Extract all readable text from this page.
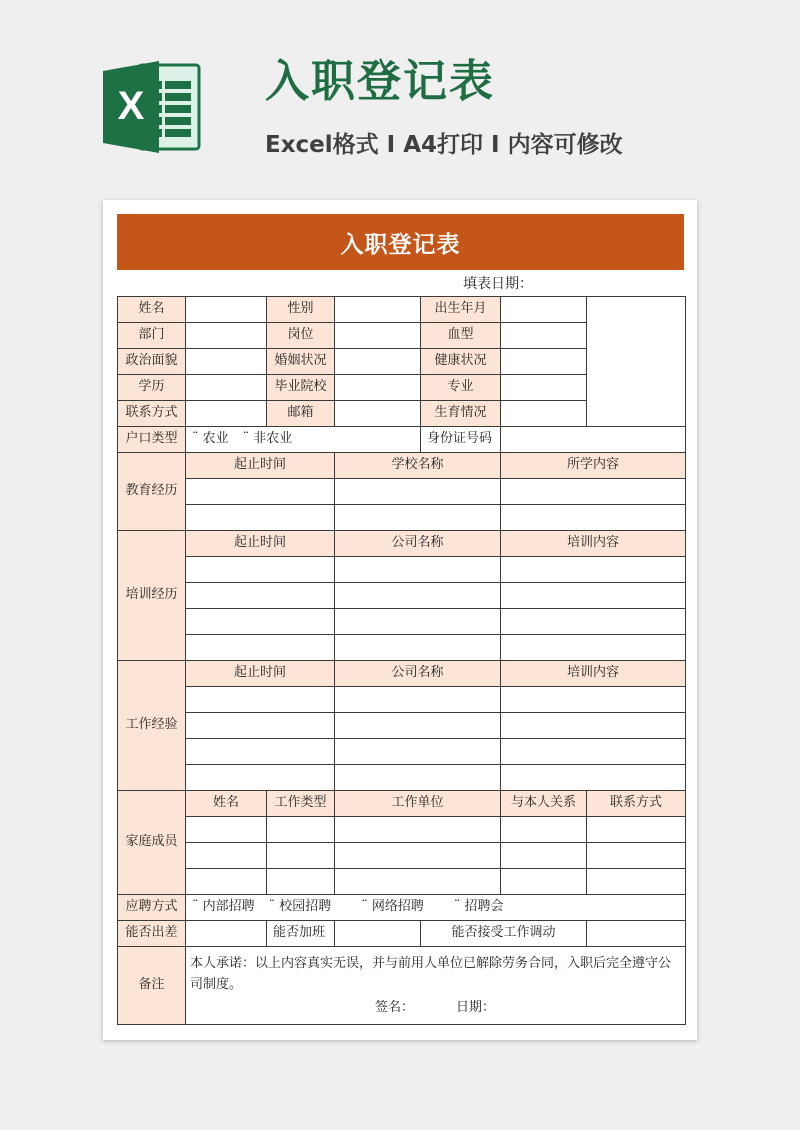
X	入职登记表
Excel格式 I A4打印 I 内容可修改
入职登记表
填表日期：
姓名		性别		出生年月		
部门		岗位		血型		
政治面貌		婚姻状况		健康状况		
学历		毕业院校		专业		
联系方式		邮箱		生育情况		
户口类型	¨ 农业 ¨ 非农业			身份证号码		
教育经历	起止时间		学校名称		所学内容	

培训经历	起止时间		公司名称		培训内容	

工作经验	起止时间		公司名称		培训内容	

家庭成员	姓名	工作类型	工作单位		与本人关系	联系方式

应聘方式	¨ 内部招聘 ¨ 校园招聘 ¨ 网络招聘 ¨ 招聘会					
能否出差		能否加班		能否接受工作调动		
备注	本人承诺：以上内容真实无误，并与前用人单位已解除劳务合同，入职后完全遵守公司制度。
签名： 日期：					
